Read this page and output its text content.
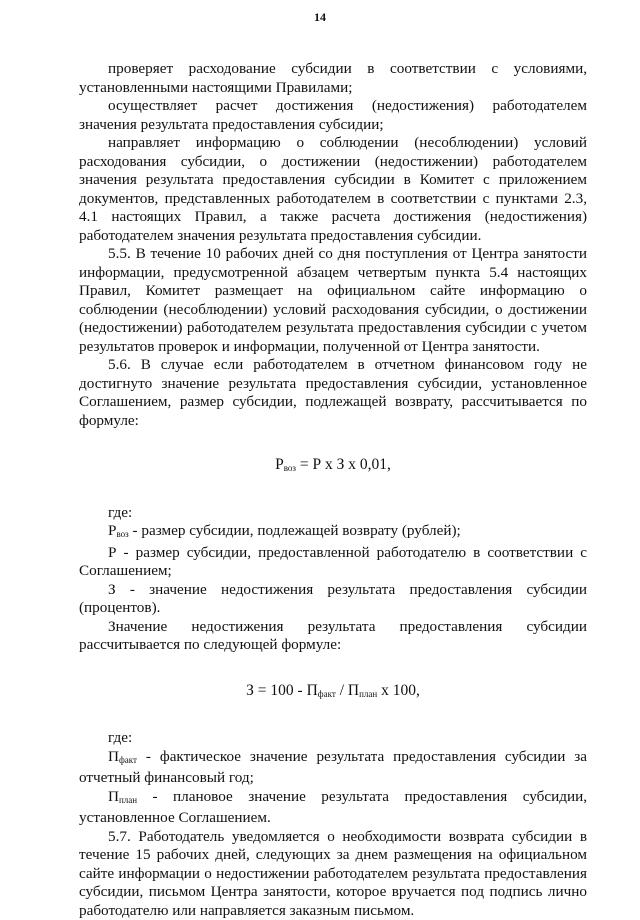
14

проверяет расходование субсидии в соответствии с условиями, установленными настоящими Правилами;

осуществляет расчет достижения (недостижения) работодателем значения результата предоставления субсидии;

направляет информацию о соблюдении (несоблюдении) условий расходования субсидии, о достижении (недостижении) работодателем значения результата предоставления субсидии в Комитет с приложением документов, представленных работодателем в соответствии с пунктами 2.3, 4.1 настоящих Правил, а также расчета достижения (недостижения) работодателем значения результата предоставления субсидии.

5.5. В течение 10 рабочих дней со дня поступления от Центра занятости информации, предусмотренной абзацем четвертым пункта 5.4 настоящих Правил, Комитет размещает на официальном сайте информацию о соблюдении (несоблюдении) условий расходования субсидии, о достижении (недостижении) работодателем результата предоставления субсидии с учетом результатов проверок и информации, полученной от Центра занятости.

5.6. В случае если работодателем в отчетном финансовом году не достигнуто значение результата предоставления субсидии, установленное Соглашением, размер субсидии, подлежащей возврату, рассчитывается по формуле:

$Р_{воз} = Р$ х З х 0,01,

где:

$Р_{воз}$ - размер субсидии, подлежащей возврату (рублей);

Р - размер субсидии, предоставленной работодателю в соответствии с Соглашением;

З - значение недостижения результата предоставления субсидии (процентов).

Значение недостижения результата предоставления субсидии рассчитывается по следующей формуле:

$З = 100 - П_{факт} / П_{план}$ х 100,

где:

$П_{факт}$ - фактическое значение результата предоставления субсидии за отчетный финансовый год;

$П_{план}$ - плановое значение результата предоставления субсидии, установленное Соглашением.

5.7. Работодатель уведомляется о необходимости возврата субсидии в течение 15 рабочих дней, следующих за днем размещения на официальном сайте информации о недостижении работодателем результата предоставления субсидии, письмом Центра занятости, которое вручается под подпись лично работодателю или направляется заказным письмом.
